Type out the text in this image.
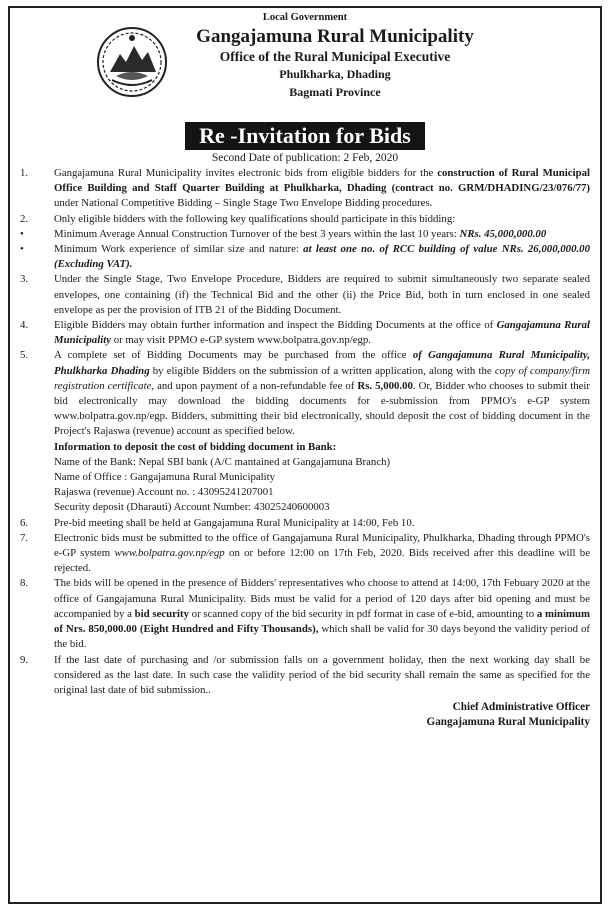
Local Government
Gangajamuna Rural Municipality
Office of the Rural Municipal Executive
Phulkharka, Dhading
Bagmati Province
Re -Invitation for Bids
Second Date of publication: 2 Feb, 2020
1.	Gangajamuna Rural Municipality invites electronic bids from eligible bidders for the construction of Rural Municipal Office Building and Staff Quarter Building at Phulkharka, Dhading (contract no. GRM/DHADING/23/076/77) under National Competitive Bidding – Single Stage Two Envelope Bidding procedures.
2.	Only eligible bidders with the following key qualifications should participate in this bidding:
•	Minimum Average Annual Construction Turnover of the best 3 years within the last 10 years: NRs. 45,000,000.00
•	Minimum Work experience of similar size and nature: at least one no. of RCC building of value NRs. 26,000,000.00 (Excluding VAT).
3.	Under the Single Stage, Two Envelope Procedure, Bidders are required to submit simultaneously two separate sealed envelopes, one containing (if) the Technical Bid and the other (ii) the Price Bid, both in turn enclosed in one sealed envelope as per the provision of ITB 21 of the Bidding Document.
4.	Eligible Bidders may obtain further information and inspect the Bidding Documents at the office of Gangajamuna Rural Municipality or may visit PPMO e-GP system www.bolpatra.gov.np/egp.
5.	A complete set of Bidding Documents may be purchased from the office of Gangajamuna Rural Municipality, Phulkharka Dhading by eligible Bidders on the submission of a written application, along with the copy of company/firm registration certificate, and upon payment of a non-refundable fee of Rs. 5,000.00. Or, Bidder who chooses to submit their bid electronically may download the bidding documents for e-submission from PPMO's e-GP system www.bolpatra.gov.np/egp. Bidders, submitting their bid electronically, should deposit the cost of bidding document in the Project's Rajaswa (revenue) account as specified below.
Information to deposit the cost of bidding document in Bank:
Name of the Bank: Nepal SBI bank (A/C mantained at Gangajamuna Branch)
Name of Office : Gangajamuna Rural Municipality
Rajaswa (revenue) Account no. : 43095241207001
Security deposit (Dharauti) Account Number: 43025240600003
6.	Pre-bid meeting shall be held at Gangajamuna Rural Municipality at 14:00, Feb 10.
7.	Electronic bids must be submitted to the office of Gangajamuna Rural Municipality, Phulkharka, Dhading through PPMO's e-GP system www.bolpatra.gov.np/egp on or before 12:00 on 17th Feb, 2020. Bids received after this deadline will be rejected.
8.	The bids will be opened in the presence of Bidders' representatives who choose to attend at 14:00, 17th Febuary 2020 at the office of Gangajamuna Rural Municipality. Bids must be valid for a period of 120 days after bid opening and must be accompanied by a bid security or scanned copy of the bid security in pdf format in case of e-bid, amounting to a minimum of Nrs. 850,000.00 (Eight Hundred and Fifty Thousands), which shall be valid for 30 days beyond the validity period of the bid.
9.	If the last date of purchasing and /or submission falls on a government holiday, then the next working day shall be considered as the last date. In such case the validity period of the bid security shall remain the same as specified for the original last date of bid submission..
Chief Administrative Officer
Gangajamuna Rural Municipality
